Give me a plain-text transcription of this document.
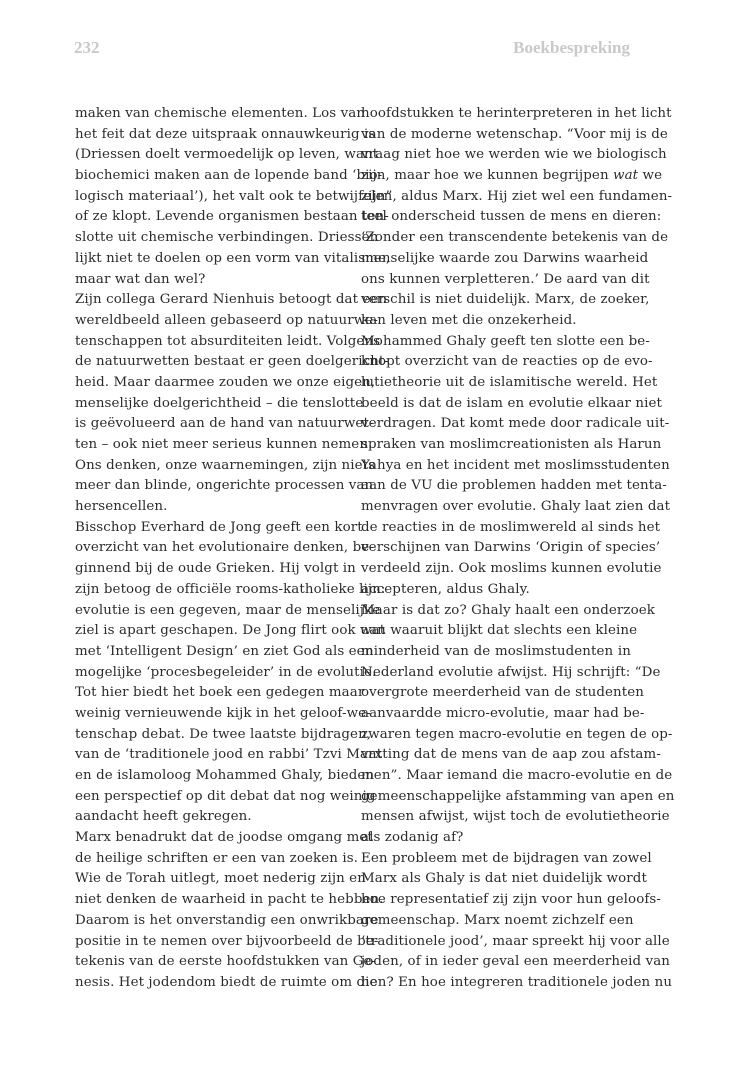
232	Boekbespreking
maken van chemische elementen. Los van
het feit dat deze uitspraak onnauwkeurig is
(Driessen doelt vermoedelijk op leven, want
biochemici maken aan de lopende band ‘bio-
logisch materiaal’), het valt ook te betwijfelen
of ze klopt. Levende organismen bestaan ten-
slotte uit chemische verbindingen. Driessen
lijkt niet te doelen op een vorm van vitalisme,
maar wat dan wel?
Zijn collega Gerard Nienhuis betoogt dat een
wereldbeeld alleen gebaseerd op natuurwe-
tenschappen tot absurditeiten leidt. Volgens
de natuurwetten bestaat er geen doelgericht-
heid. Maar daarmee zouden we onze eigen,
menselijke doelgerichtheid – die tenslotte
is geëvolueerd aan de hand van natuurwet-
ten – ook niet meer serieus kunnen nemen.
Ons denken, onze waarnemingen, zijn niets
meer dan blinde, ongerichte processen van
hersencellen.
Bisschop Everhard de Jong geeft een kort
overzicht van het evolutionaire denken, be-
ginnend bij de oude Grieken. Hij volgt in
zijn betoog de officiële rooms-katholieke lijn:
evolutie is een gegeven, maar de menselijke
ziel is apart geschapen. De Jong flirt ook wat
met ‘Intelligent Design’ en ziet God als een
mogelijke ‘procesbegeleider’ in de evolutie.
Tot hier biedt het boek een gedegen maar
weinig vernieuwende kijk in het geloof-we-
tenschap debat. De twee laatste bijdragen,
van de ‘traditionele jood en rabbi’ Tzvi Marx
en de islamoloog Mohammed Ghaly, bieden
een perspectief op dit debat dat nog weinig
aandacht heeft gekregen.
Marx benadrukt dat de joodse omgang met
de heilige schriften er een van zoeken is.
Wie de Torah uitlegt, moet nederig zijn en
niet denken de waarheid in pacht te hebben.
Daarom is het onverstandig een onwrikbare
positie in te nemen over bijvoorbeeld de be-
tekenis van de eerste hoofdstukken van Ge-
nesis. Het jodendom biedt de ruimte om die
hoofdstukken te herinterpreteren in het licht
van de moderne wetenschap. “Voor mij is de
vraag niet hoe we werden wie we biologisch
zijn, maar hoe we kunnen begrijpen wat we
zijn”, aldus Marx. Hij ziet wel een fundamen-
teel onderscheid tussen de mens en dieren:
‘Zonder een transcendente betekenis van de
menselijke waarde zou Darwins waarheid
ons kunnen verpletteren.’ De aard van dit
verschil is niet duidelijk. Marx, de zoeker,
kan leven met die onzekerheid.
Mohammed Ghaly geeft ten slotte een be-
knopt overzicht van de reacties op de evo-
lutietheorie uit de islamitische wereld. Het
beeld is dat de islam en evolutie elkaar niet
verdragen. Dat komt mede door radicale uit-
spraken van moslimcreationisten als Harun
Yahya en het incident met moslimsstudenten
aan de VU die problemen hadden met tenta-
menvragen over evolutie. Ghaly laat zien dat
de reacties in de moslimwereld al sinds het
verschijnen van Darwins ‘Origin of species’
verdeeld zijn. Ook moslims kunnen evolutie
accepteren, aldus Ghaly.
Maar is dat zo? Ghaly haalt een onderzoek
aan waaruit blijkt dat slechts een kleine
minderheid van de moslimstudenten in
Nederland evolutie afwijst. Hij schrijft: “De
overgrote meerderheid van de studenten
aanvaardde micro-evolutie, maar had be-
zwaren tegen macro-evolutie en tegen de op-
vatting dat de mens van de aap zou afstam-
men”. Maar iemand die macro-evolutie en de
gemeenschappelijke afstamming van apen en
mensen afwijst, wijst toch de evolutietheorie
als zodanig af?
Een probleem met de bijdragen van zowel
Marx als Ghaly is dat niet duidelijk wordt
hoe representatief zij zijn voor hun geloofs-
gemeenschap. Marx noemt zichzelf een
‘traditionele jood’, maar spreekt hij voor alle
joden, of in ieder geval een meerderheid van
hen? En hoe integreren traditionele joden nu
